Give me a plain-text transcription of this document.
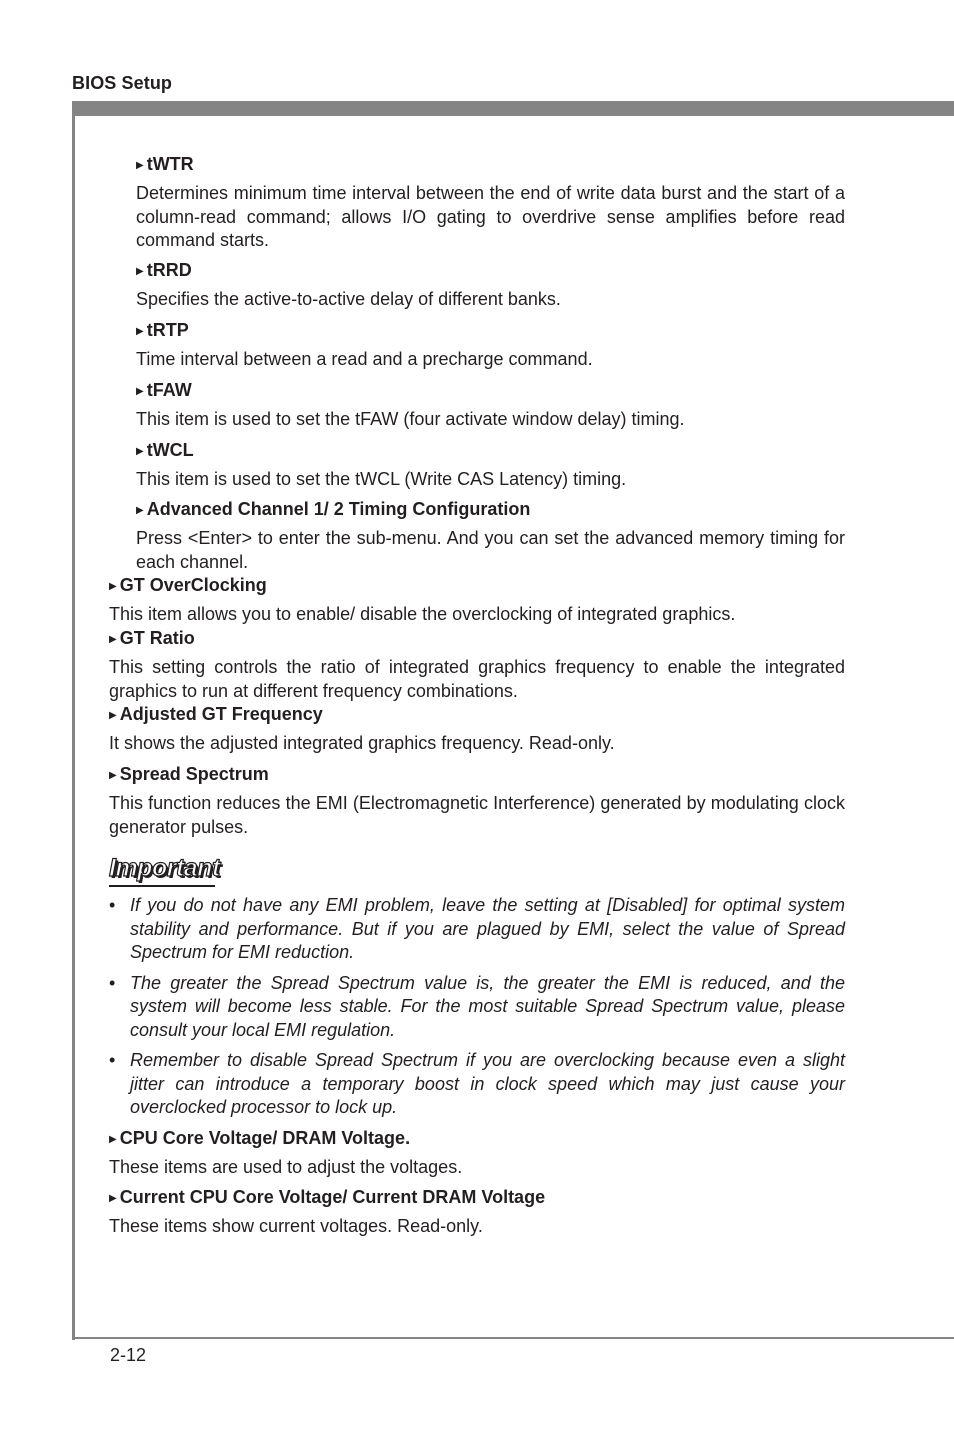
BIOS Setup

▶ tWTR

Determines minimum time interval between the end of write data burst and the start of a column-read command; allows I/O gating to overdrive sense amplifies before read command starts.

▶ tRRD

Specifies the active-to-active delay of different banks.

▶ tRTP

Time interval between a read and a precharge command.

▶ tFAW

This item is used to set the tFAW (four activate window delay) timing.

▶ tWCL

This item is used to set the tWCL (Write CAS Latency) timing.

▶ Advanced Channel 1/ 2 Timing Configuration

Press <Enter> to enter the sub-menu. And you can set the advanced memory timing for each channel.

▶ GT OverClocking

This item allows you to enable/ disable the overclocking of integrated graphics.

▶ GT Ratio

This setting controls the ratio of integrated graphics frequency to enable the integrated graphics to run at different frequency combinations.

▶ Adjusted GT Frequency

It shows the adjusted integrated graphics frequency. Read-only.

▶ Spread Spectrum

This function reduces the EMI (Electromagnetic Interference) generated by modulating clock generator pulses.

Important
• If you do not have any EMI problem, leave the setting at [Disabled] for optimal system stability and performance. But if you are plagued by EMI, select the value of Spread Spectrum for EMI reduction.
• The greater the Spread Spectrum value is, the greater the EMI is reduced, and the system will become less stable. For the most suitable Spread Spectrum value, please consult your local EMI regulation.
• Remember to disable Spread Spectrum if you are overclocking because even a slight jitter can introduce a temporary boost in clock speed which may just cause your overclocked processor to lock up.

▶ CPU Core Voltage/ DRAM Voltage.

These items are used to adjust the voltages.

▶ Current CPU Core Voltage/ Current DRAM Voltage

These items show current voltages. Read-only.

2-12
